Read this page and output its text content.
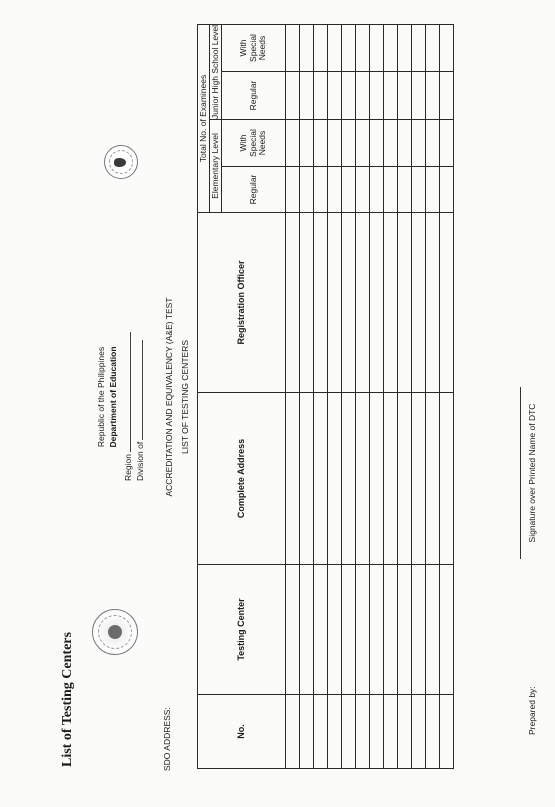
List of Testing Centers
Republic of the Philippines Department of Education
Region Division of
SDO ADDRESS:
ACCREDITATION AND EQUIVALENCY (A&E) TEST LIST OF TESTING CENTERS
No.	Testing Center	Complete Address	Registration Officer	Total No. of Examinees			
				Elementary Level		Junior High School Level	
				Regular	With Special Needs	Regular	With Special Needs

Prepared by:
Signature over Printed Name of DTC
